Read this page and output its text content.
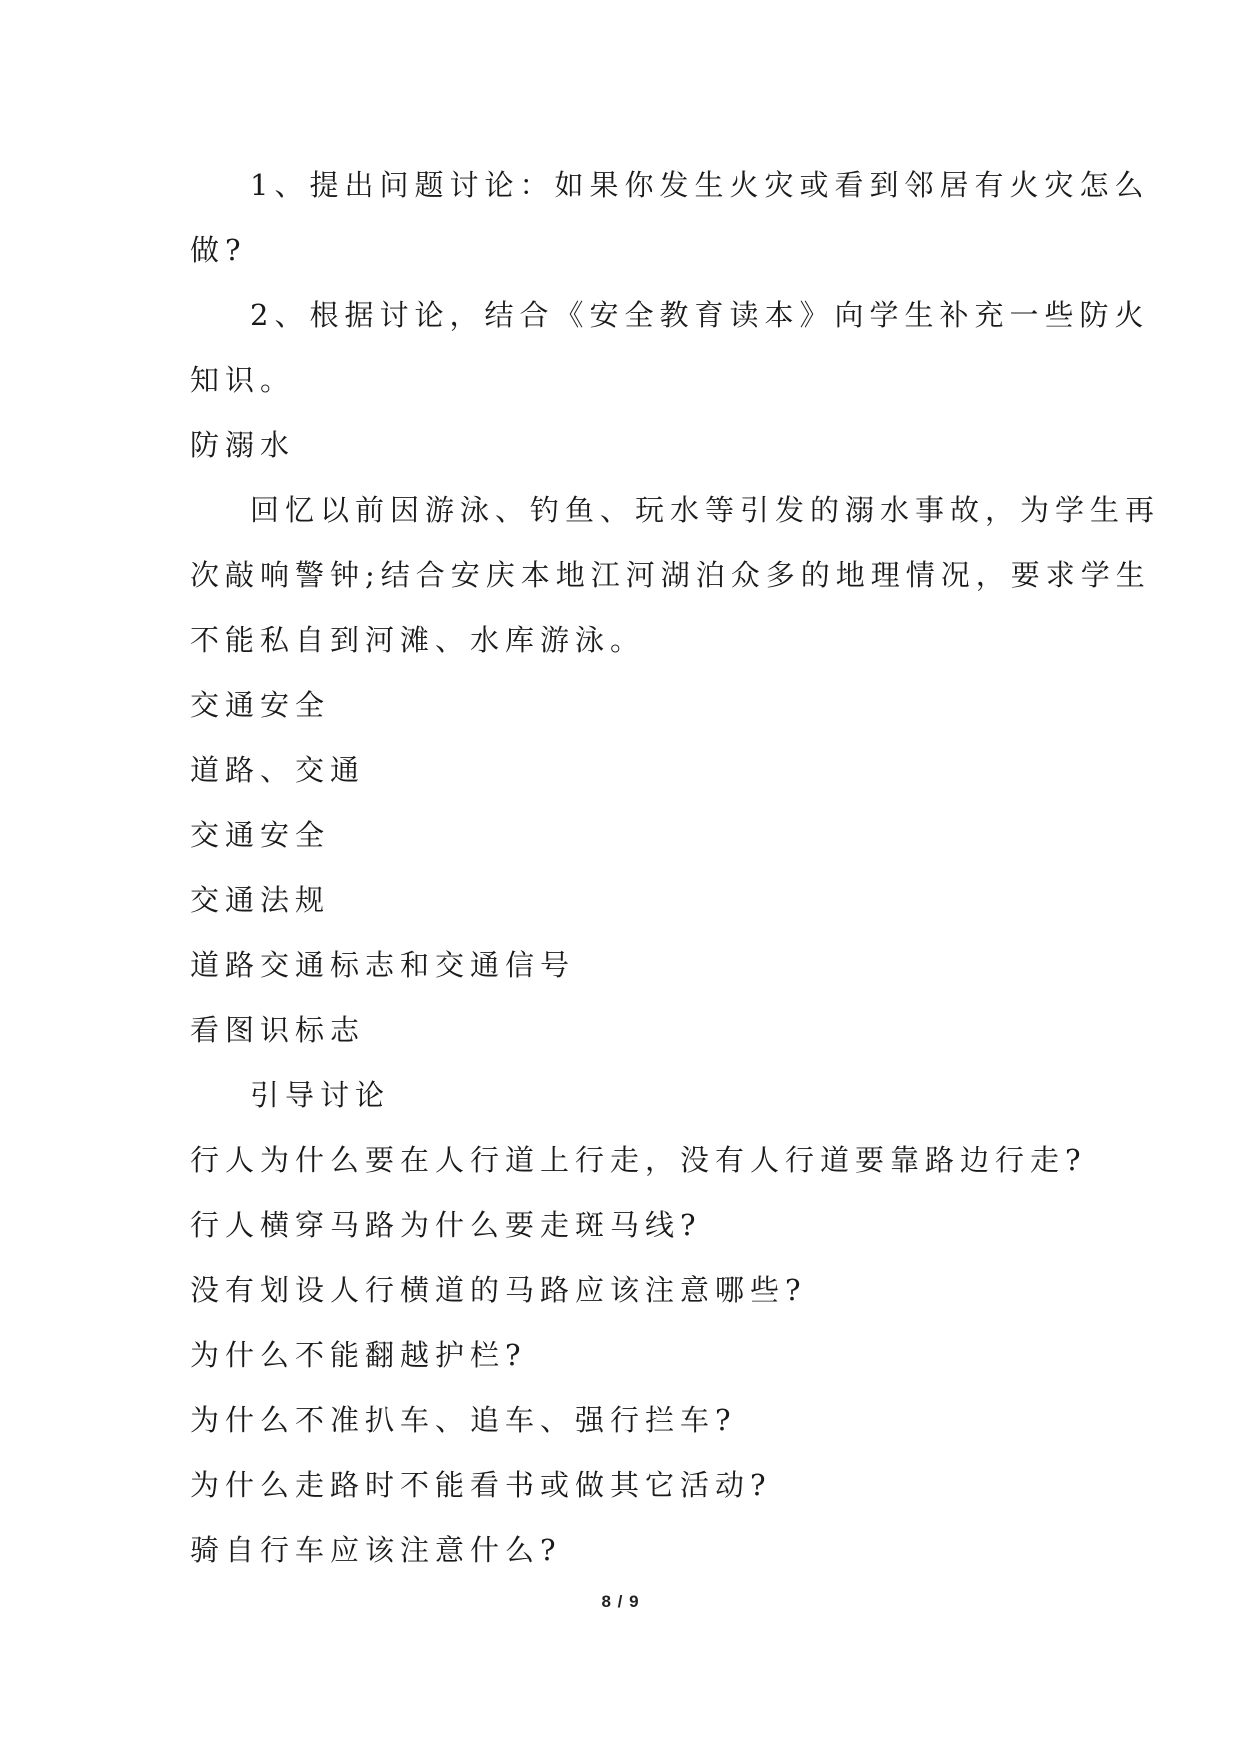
1、提出问题讨论：如果你发生火灾或看到邻居有火灾怎么
做?
2、根据讨论，结合《安全教育读本》向学生补充一些防火
知识。
防溺水
回忆以前因游泳、钓鱼、玩水等引发的溺水事故，为学生再
次敲响警钟;结合安庆本地江河湖泊众多的地理情况，要求学生
不能私自到河滩、水库游泳。
交通安全
道路、交通
交通安全
交通法规
道路交通标志和交通信号
看图识标志
引导讨论
行人为什么要在人行道上行走，没有人行道要靠路边行走?
行人横穿马路为什么要走斑马线?
没有划设人行横道的马路应该注意哪些?
为什么不能翻越护栏?
为什么不准扒车、追车、强行拦车?
为什么走路时不能看书或做其它活动?
骑自行车应该注意什么?
8 / 9
